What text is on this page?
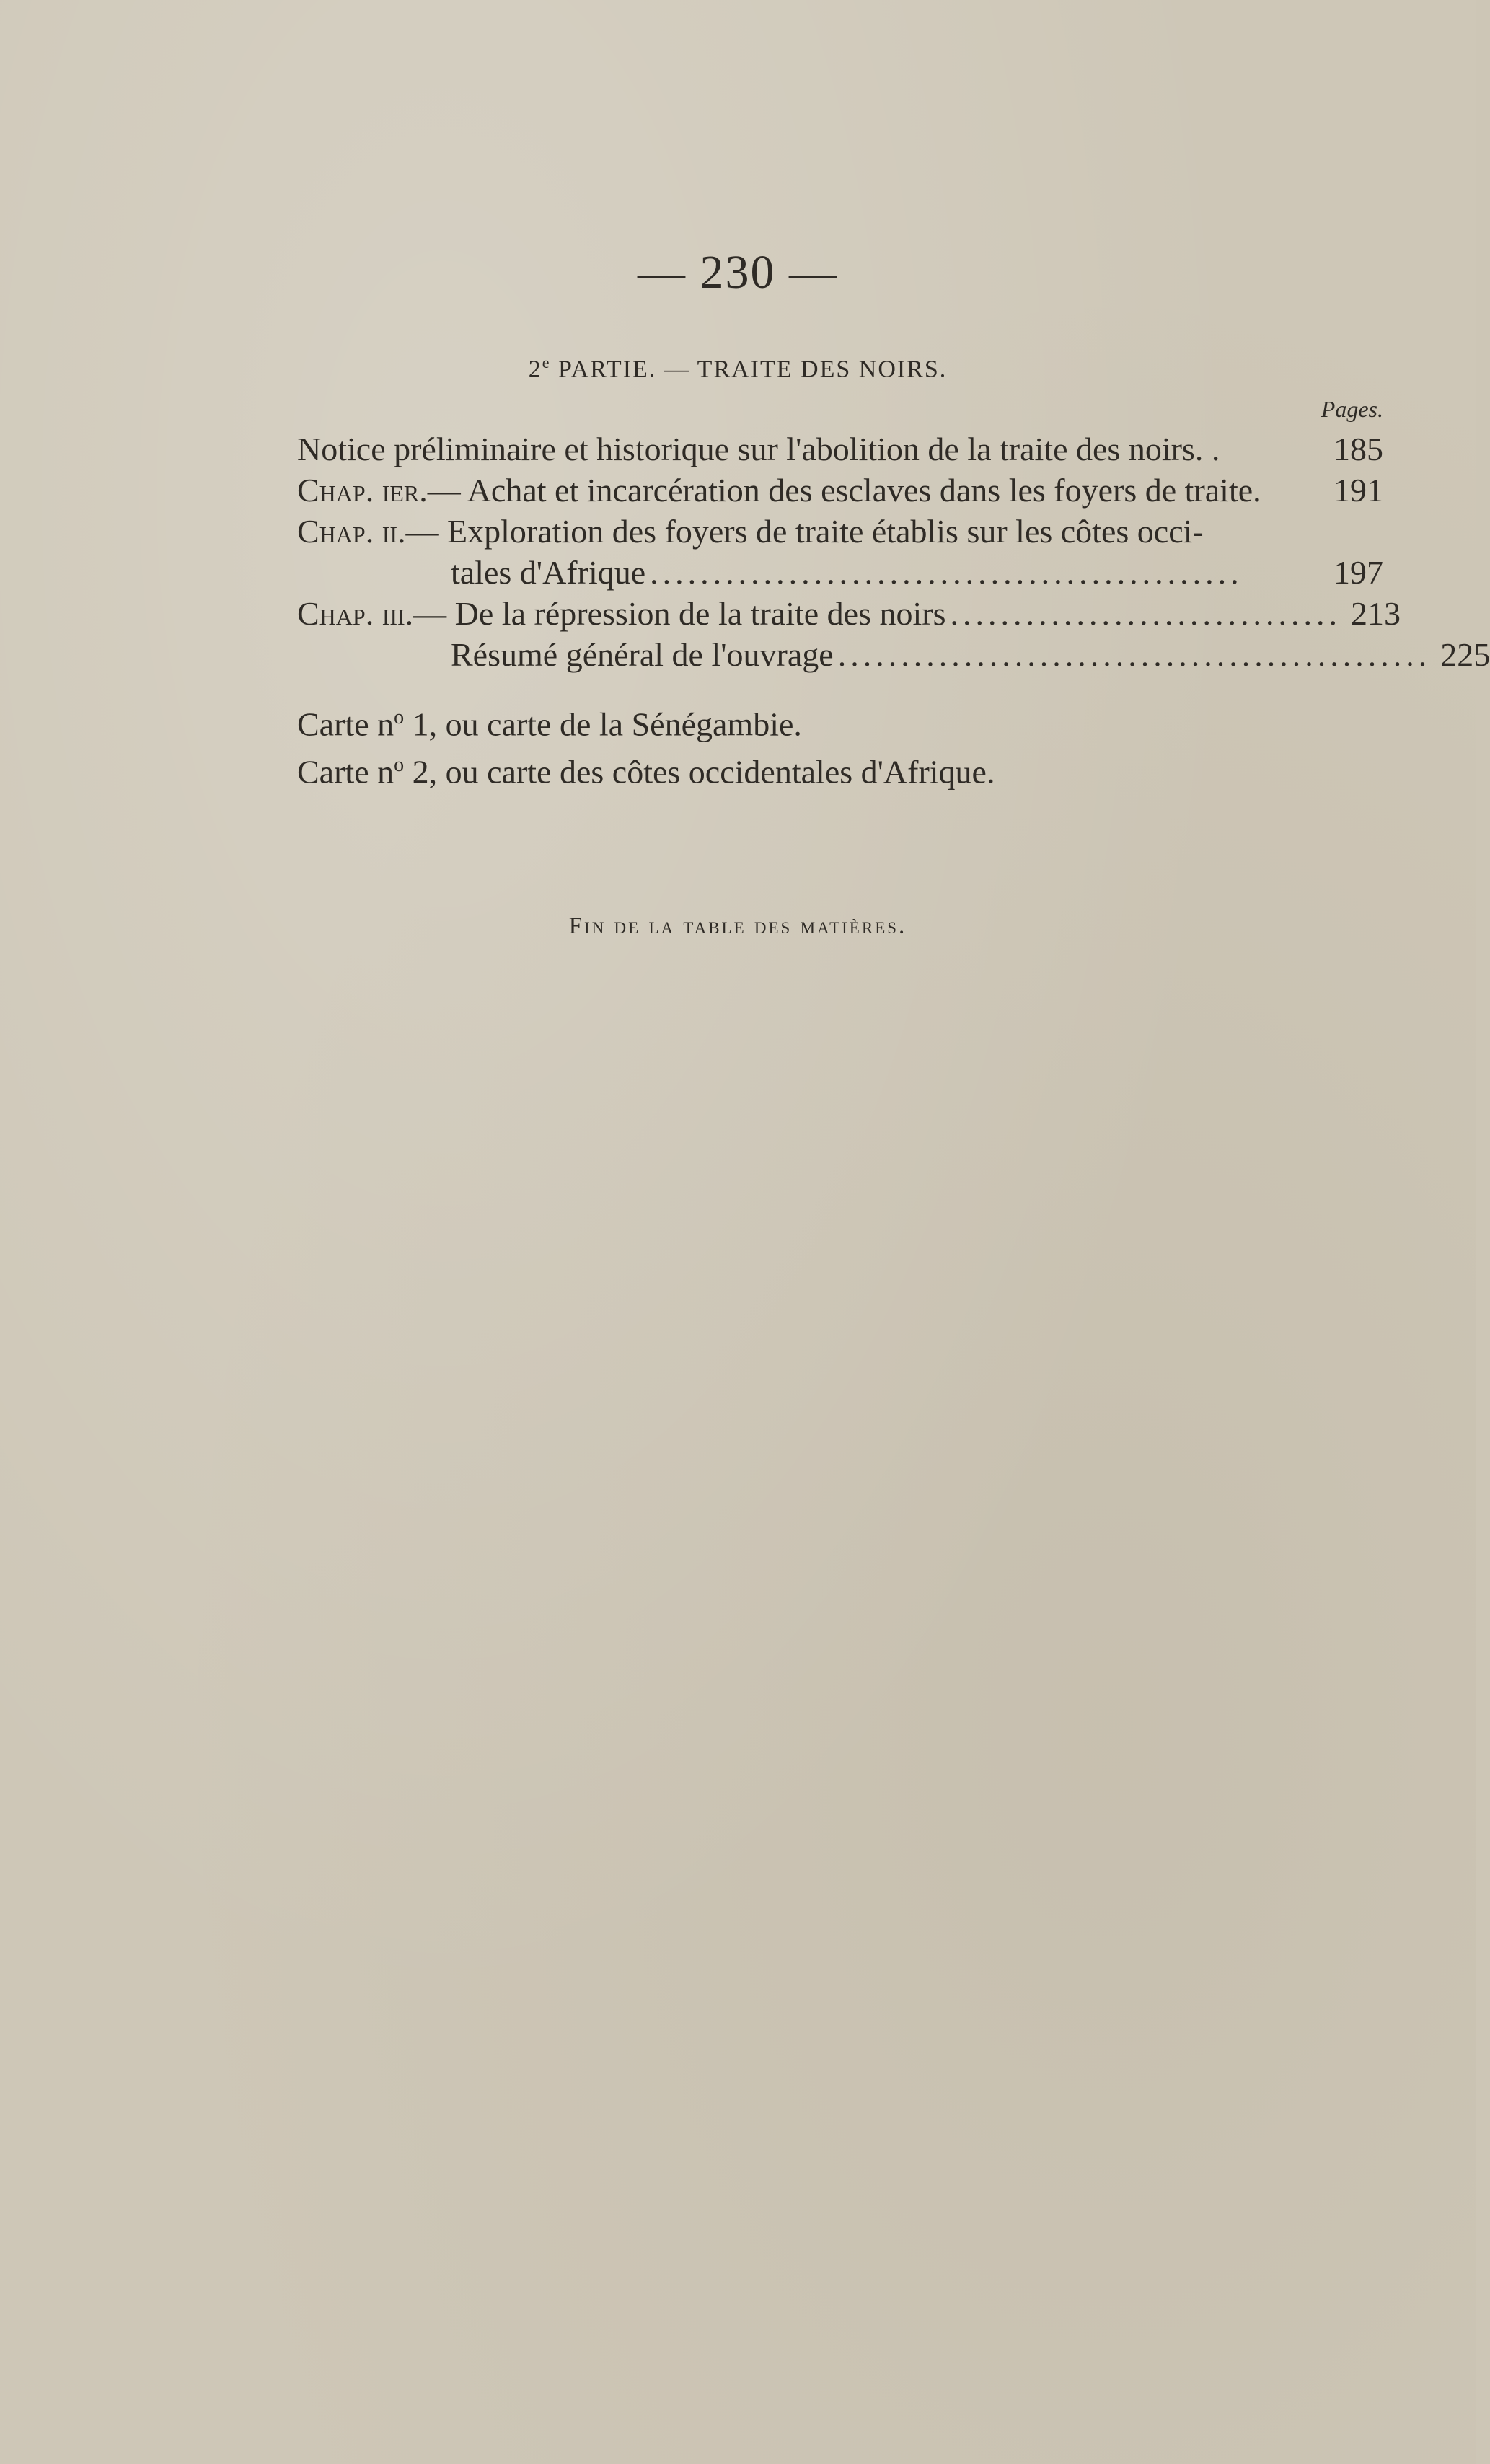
— 230 —
2e PARTIE. — TRAITE DES NOIRS.
Pages.
Notice préliminaire et historique sur l'abolition de la traite des noirs. .	185
Chap. ier. — Achat et incarcération des esclaves dans les foyers de traite. 191
Chap. ii. — Exploration des foyers de traite établis sur les côtes occi-
tales d'Afrique ...............................................	197
Chap. iii. — De la répression de la traite des noirs ............................... 213
Résumé général de l'ouvrage ............................................... 225
Carte $n^o$ 1, ou carte de la Sénégambie.
Carte $n^o$ 2, ou carte des côtes occidentales d'Afrique.
Fin de la table des matières.
